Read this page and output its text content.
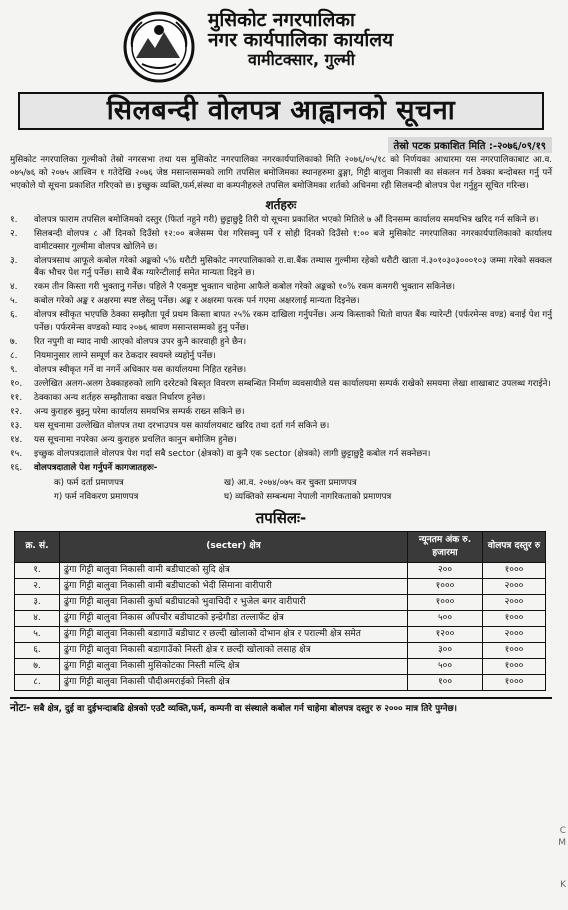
मुसिकोट नगरपालिका
नगर कार्यपालिका कार्यालय
वामीटक्सार, गुल्मी
सिलबन्दी वोलपत्र आह्वानको सूचना
तेस्रो पटक प्रकाशित मिति :-२०७६/०९/१९
मुसिकोट नगरपालिका गुल्मीको तेस्रो नगरसभा तथा यस मुसिकोट नगरपालिका नगरकार्यपालिकाको मिति २०७६/०५/१८ को निर्णयका आधारमा यस नगरपालिकाबाट आ.व. ०७५/७६ को २०७५ आश्विन १ गतेदेखि २०७६ जेष्ठ मसान्तसम्मको लागि तपसिल बमोजिमका स्थानहरुमा ढुङ्गा, गिट्टी बालुवा निकासी का संकलन गर्न ठेक्का बन्दोबस्त गर्नु पर्ने भएकोले यो सूचना प्रकाशित गरिएको छ। इच्छुक व्यक्ति,फर्म,संस्था वा कम्पनीहरुले तपसिल बमोजिमका शर्तको अधिनमा रही सिलबन्दी बोलपत्र पेश गर्नुहुन सूचित गरिन्छ।
शर्तहरुः
१.	वोलपत्र फाराम तपसिल बमोजिमको दस्तुर (फिर्ता नहुने गरी) छुट्टाछुट्टै तिरी यो सूचना प्रकाशित भएको मितिले ७ औं दिनसम्म कार्यालय समयभित्र खरिद गर्न सकिने छ।
२.	सिलबन्दी वोलपत्र ८ औं दिनको दिउँसो १२:०० बजेसम्म पेश गरिसक्नु पर्ने र सोही दिनको दिउँसो १:०० बजे मुसिकोट नगरपालिका नगरकार्यपालिकाको कार्यालय वामीटक्सार गुल्मीमा वोलपत्र खोलिने छ।
३.	वोलपत्रसाथ आफूले कबोल गरेको अङ्कको ५% धरौटी मुसिकोट नगरपालिकाको रा.वा.बैंक तम्घास गुल्मीमा रहेको धरौटी खाता नं.३०१०३०३०००१०३ जम्मा गरेको सक्कल बैंक भौचर पेश गर्नु पर्नेछ। साथै बैंक ग्यारेन्टीलाई समेत मान्यता दिइने छ।
४.	रकम तीन किस्ता गरी भुक्तानुु गर्नेछ। पहिले नै एकमुष्ट भुक्तान चाहेमा आफैले कबोल गरेको अङ्कको १०% रकम कमगरी भुक्तान सकिनेछ।
५.	कबोल गरेको अङ्क र अक्षरमा स्पष्ट लेख्नु पर्नेछ। अङ्क र अक्षरमा फरक पर्न गएमा अक्षरलाई मान्यता दिइनेछ।
६.	वोलपत्र स्वीकृत भएपछि ठेक्का सम्झौता पूर्व प्रथम किस्ता बापत २५% रकम दाखिला गर्नुपर्नेछ। अन्य किस्ताको धितो वापत बैंक ग्यारेन्टी (पर्फरमेन्स वण्ड) बनाई पेश गर्नु पर्नेछ। पर्फरमेन्स वण्डको म्याद २०७६ श्रावण मसान्तसम्मको हुनु पर्नेछ।
७.	रित नपुगी वा म्याद नाघी आएको वोलपत्र उपर कुनै कारवाही हुने छैन।
८.	नियमानुसार लाग्ने सम्पूर्ण कर ठेकदार स्वयम्ले व्यहोर्नु पर्नेछ।
९.	वोलपत्र स्वीकृत गर्ने वा नगर्ने अधिकार यस कार्यालयमा निहित रहनेछ।
१०.	उल्लेखित अलग-अलग ठेक्काहरुको लागि दररेटको बिस्तृत विवरण सम्बन्धित निर्माण व्यवसायीले यस कार्यालयमा सम्पर्क राखेको समयमा लेखा शाखाबाट उपलब्ध गराईने।
११.	ठेक्काका अन्य शर्तहरु सम्झौताका वखत निर्धारण हुनेछ।
१२.	अन्य कुराहरु बुझ्नु परेमा कार्यालय समयभित्र सम्पर्क राख्न सकिने छ।
१३.	यस सूचनामा उल्लेखित वोलपत्र तथा दरभाउपत्र यस कार्यालयबाट खरिद तथा दर्ता गर्न सकिने छ।
१४.	यस सूचनामा नपरेका अन्य कुराहरु प्रचलित कानुन बमोजिम हुनेछ।
१५.	इच्छुक वोलपत्रदाताले वोलपत्र पेश गर्दा सबै sector (क्षेत्रको) वा कुनै एक sector (क्षेत्रको) लागी छुट्टाछुट्टै कबोल गर्न सक्नेछन।
१६.	वोलपत्रदाताले पेश गर्नुपर्ने कागजातहरुः-
क) फर्म दर्ता प्रमाणपत्र	ख) आ.व. २०७४/०७५ कर चुक्ता प्रमाणपत्र
ग) फर्म नविकरण प्रमाणपत्र	घ) व्यक्तिको सम्बन्धमा नेपाली नागरिकताको प्रमाणपत्र
तपसिलः-
क्र. सं.	(secter) क्षेत्र	न्यूनतम अंक रु. हजारमा	वोलपत्र दस्तुर रु
१.	ढुंगा गिट्टी बालुवा निकासी वामी बडीघाटको सुदि क्षेत्र	२००	१०००
२.	ढुंगा गिट्टी बालुवा निकासी वामी बडीघाटको भेदी सिमाना वारीपारी	१०००	२०००
३.	ढुंगा गिट्टी बालुवा निकासी कुर्घा बडीघाटको भुवाचिदी र भुजेल बगर वारीपारी	१०००	२०००
४.	ढुंगा गिट्टी बालुवा निकास आँपचौर बडीघाटको इन्द्रेगौडा तल्लाफँट क्षेत्र	५००	१०००
५.	ढुंगा गिट्टी बालुवा निकासी बडागाउँ बडीघाट र छल्दी खोलाको दोभान क्षेत्र र पराल्मी क्षेत्र समेत	१२००	२०००
६.	ढुंगा गिट्टी बालुवा निकासी बडागाउँको निस्ती क्षेत्र र छल्दी खोलाको लसाह क्षेत्र	३००	१०००
७.	ढुंगा गिट्टी बालुवा निकासी मुसिकोटका निस्ती मल्दि क्षेत्र	५००	१०००
८.	ढुंगा गिट्टी बालुवा निकासी पौदीअमराईको निस्ती क्षेत्र	१००	१०००
नोटः- सबै क्षेत्र, दुई वा दुईभन्दाबढि क्षेत्रको एउटै व्यक्ति,फर्म, कम्पनी वा संस्थाले कबोल गर्न चाहेमा बोलपत्र दस्तुर रु २००० मात्र तिरे पुग्नेछ।
C
M
K
